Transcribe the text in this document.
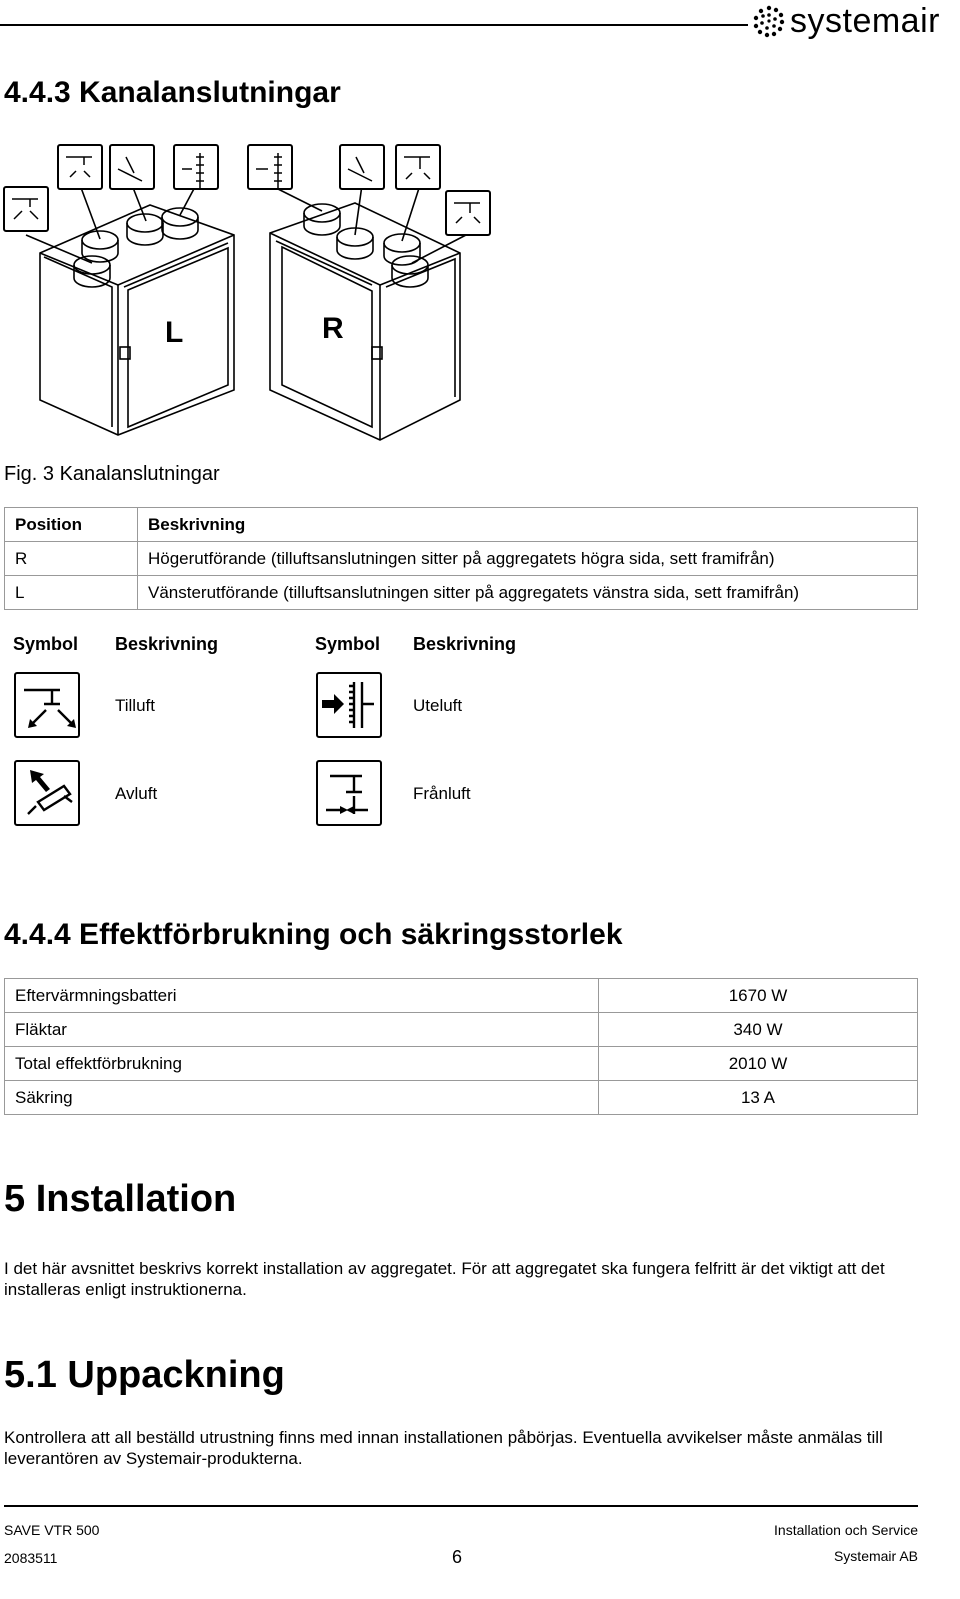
systemair
4.4.3 Kanalanslutningar
L	R
Fig. 3 Kanalanslutningar
Position	Beskrivning
R	Högerutförande (tilluftsanslutningen sitter på aggregatets högra sida, sett framifrån)
L	Vänsterutförande (tilluftsanslutningen sitter på aggregatets vänstra sida, sett framifrån)
Symbol Beskrivning	Symbol Beskrivning
Tilluft	Uteluft
Avluft	Frånluft
4.4.4 Effektförbrukning och säkringsstorlek
Eftervärmningsbatteri	1670 W
Fläktar	340 W
Total effektförbrukning	2010 W
Säkring	13 A
5 Installation
I det här avsnittet beskrivs korrekt installation av aggregatet. För att aggregatet ska fungera felfritt är det viktigt att det installeras enligt instruktionerna.
5.1 Uppackning
Kontrollera att all beställd utrustning finns med innan installationen påbörjas. Eventuella avvikelser måste anmälas till leverantören av Systemair-produkterna.
SAVE VTR 500
2083511	6
Installation och Service
Systemair AB
